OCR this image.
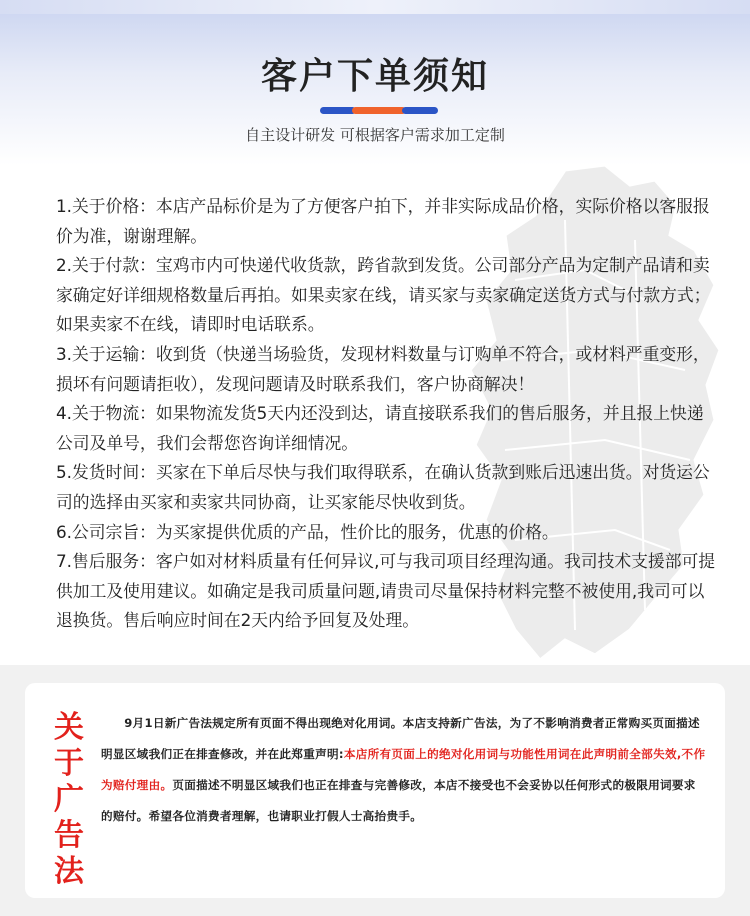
客户下单须知
自主设计研发 可根据客户需求加工定制

1.关于价格：本店产品标价是为了方便客户拍下，并非实际成品价格，实际价格以客服报价为准，谢谢理解。

2.关于付款：宝鸡市内可快递代收货款，跨省款到发货。公司部分产品为定制产品请和卖家确定好详细规格数量后再拍。如果卖家在线，请买家与卖家确定送货方式与付款方式；如果卖家不在线，请即时电话联系。

3.关于运输：收到货（快递当场验货，发现材料数量与订购单不符合，或材料严重变形，损坏有问题请拒收），发现问题请及时联系我们，客户协商解决！

4.关于物流：如果物流发货5天内还没到达，请直接联系我们的售后服务，并且报上快递公司及单号，我们会帮您咨询详细情况。

5.发货时间：买家在下单后尽快与我们取得联系，在确认货款到账后迅速出货。对货运公司的选择由买家和卖家共同协商，让买家能尽快收到货。

6.公司宗旨：为买家提供优质的产品，性价比的服务，优惠的价格。

7.售后服务：客户如对材料质量有任何异议,可与我司项目经理沟通。我司技术支援部可提供加工及使用建议。如确定是我司质量问题,请贵司尽量保持材料完整不被使用,我司可以退换货。售后响应时间在2天内给予回复及处理。

关于广告法

9月1日新广告法规定所有页面不得出现绝对化用词。本店支持新广告法，为了不影响消费者正常购买页面描述明显区域我们正在排查修改，并在此郑重声明:本店所有页面上的绝对化用词与功能性用词在此声明前全部失效,不作为赔付理由。页面描述不明显区域我们也正在排查与完善修改，本店不接受也不会妥协以任何形式的极限用词要求的赔付。希望各位消费者理解，也请职业打假人士高抬贵手。
